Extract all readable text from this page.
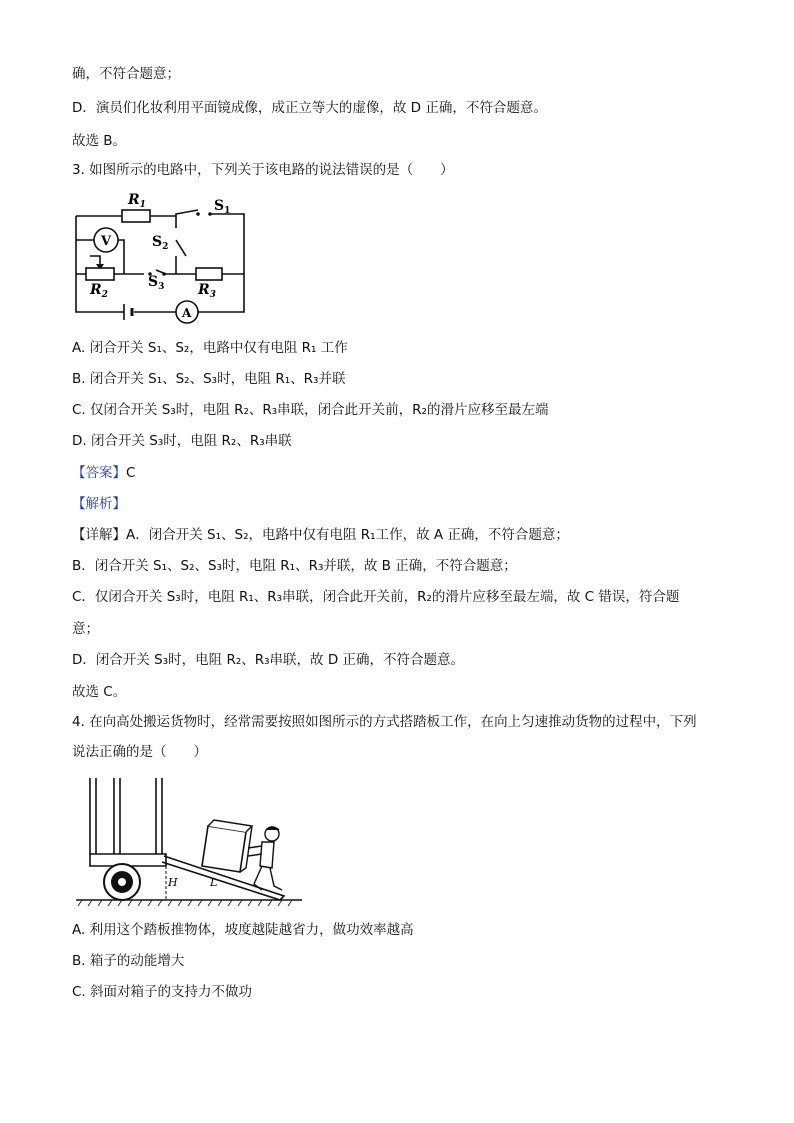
确，不符合题意；
D．演员们化妆利用平面镜成像，成正立等大的虚像，故 D 正确，不符合题意。
故选 B。
3. 如图所示的电路中，下列关于该电路的说法错误的是（　　）
$R_1$
$R_2$	$R_3$
$S_1$
$S_2$
$S_3$
V
A
A. 闭合开关 S₁、S₂，电路中仅有电阻 R₁ 工作
B. 闭合开关 S₁、S₂、S₃时，电阻 R₁、R₃并联
C. 仅闭合开关 S₃时，电阻 R₂、R₃串联，闭合此开关前，R₂的滑片应移至最左端
D. 闭合开关 S₃时，电阻 R₂、R₃串联
【答案】C
【解析】
【详解】A．闭合开关 S₁、S₂，电路中仅有电阻 R₁工作，故 A 正确，不符合题意；
B．闭合开关 S₁、S₂、S₃时，电阻 R₁、R₃并联，故 B 正确，不符合题意；
C．仅闭合开关 S₃时，电阻 R₁、R₃串联，闭合此开关前，R₂的滑片应移至最左端，故 C 错误，符合题
意；
D．闭合开关 S₃时，电阻 R₂、R₃串联，故 D 正确，不符合题意。
故选 C。
4. 在向高处搬运货物时，经常需要按照如图所示的方式搭踏板工作，在向上匀速推动货物的过程中，下列
说法正确的是（　　）
H	L
A. 利用这个踏板推物体，坡度越陡越省力，做功效率越高
B. 箱子的动能增大
C. 斜面对箱子的支持力不做功
